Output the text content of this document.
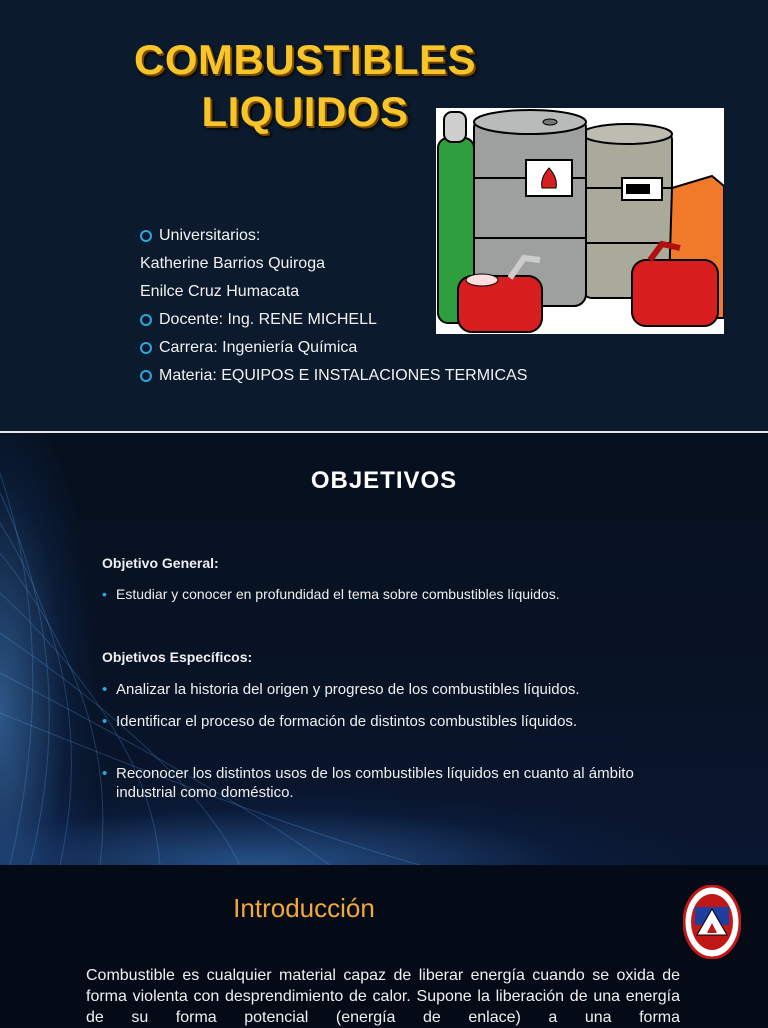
COMBUSTIBLES
LIQUIDOS
Universitarios:
Katherine Barrios Quiroga
Enilce Cruz Humacata
Docente: Ing. RENE MICHELL
Carrera: Ingeniería Química
Materia: EQUIPOS E INSTALACIONES TERMICAS
OBJETIVOS
Objetivo General:
• Estudiar y conocer en profundidad el tema sobre combustibles líquidos.
Objetivos Específicos:
• Analizar la historia del origen y progreso de los combustibles líquidos.
• Identificar el proceso de formación de distintos combustibles líquidos.
• Reconocer los distintos usos de los combustibles líquidos en cuanto al ámbito industrial como doméstico.
Introducción
Combustible es cualquier material capaz de liberar energía cuando se oxida de forma violenta con desprendimiento de calor. Supone la liberación de una energía de su forma potencial (energía de enlace) a una forma
